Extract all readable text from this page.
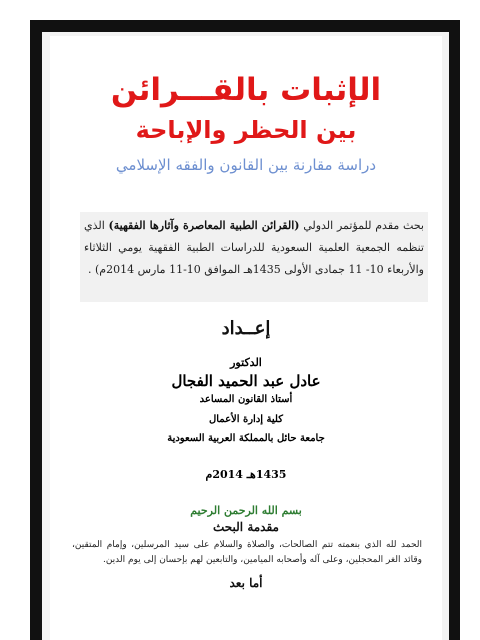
الإثبات بالقـــرائن
بين الحظر والإباحة
دراسة مقارنة بين القانون والفقه الإسلامي
بحث مقدم للمؤتمر الدولي (القرائن الطبية المعاصرة وآثارها الفقهية) الذي تنظمه الجمعية العلمية السعودية للدراسات الطبية الفقهية يومي الثلاثاء والأربعاء 10- 11 جمادى الأولى 1435هـ الموافق 10-11 مارس 2014م) .
إعــداد
الدكتور
عادل عبد الحميد الفجال
أستاذ القانون المساعد
كلية إدارة الأعمال
جامعة حائل بالمملكة العربية السعودية
1435هـ 2014م
بسم الله الرحمن الرحيم
مقدمة البحث
الحمد لله الذي بنعمته تتم الصالحات، والصلاة والسلام على سيد المرسلين، وإمام المتقين، وقائد الغر المحجلين، وعلى آله وأصحابه الميامين، والتابعين لهم بإحسان إلى يوم الدين.
أما بعد
